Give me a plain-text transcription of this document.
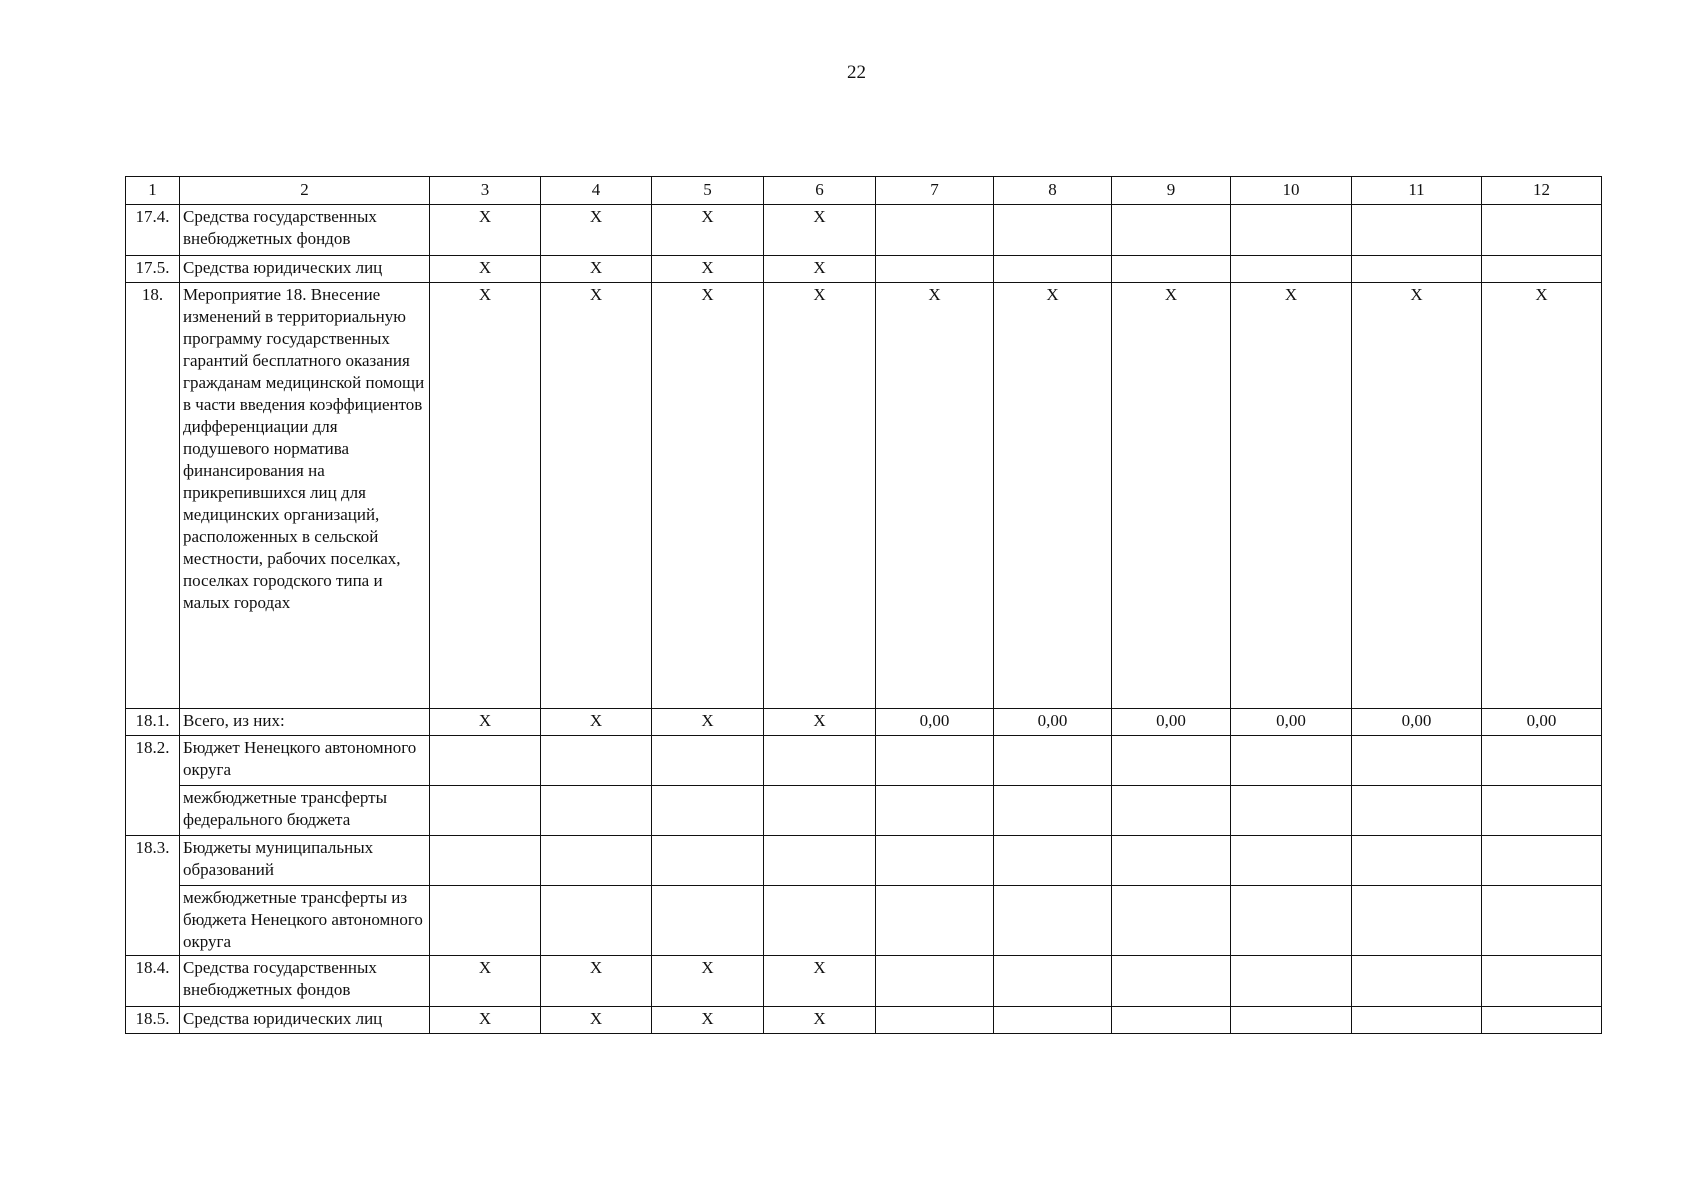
22
1	2	3	4	5	6	7	8	9	10	11	12
17.4.	Средства государственных внебюджетных фондов	X	X	X	X						
17.5.	Средства юридических лиц	X	X	X	X						
18.	Мероприятие 18. Внесение изменений в территориальную программу государственных гарантий бесплатного оказания гражданам медицинской помощи в части введения коэффициентов дифференциации для подушевого норматива финансирования на прикрепившихся лиц для медицинских организаций, расположенных в сельской местности, рабочих поселках, поселках городского типа и малых городах	X	X	X	X	X	X	X	X	X	X
18.1.	Всего, из них:	X	X	X	X	0,00	0,00	0,00	0,00	0,00	0,00
18.2.	Бюджет Ненецкого автономного округа										
	межбюджетные трансферты федерального бюджета										
18.3.	Бюджеты муниципальных образований										
	межбюджетные трансферты из бюджета Ненецкого автономного округа										
18.4.	Средства государственных внебюджетных фондов	X	X	X	X						
18.5.	Средства юридических лиц	X	X	X	X						
